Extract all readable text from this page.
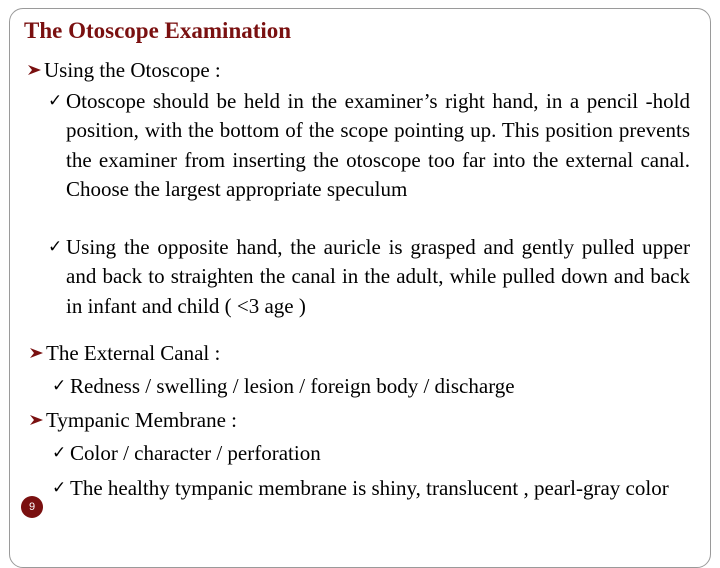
The Otoscope Examination
Using the Otoscope :
✓ Otoscope should be held in the examiner’s right hand, in a pencil -hold position, with the bottom of the scope pointing up. This position prevents the examiner from inserting the otoscope too far into the external canal. Choose the largest appropriate speculum
✓ Using the opposite hand, the auricle is grasped and gently pulled upper and back to straighten the canal in the adult, while pulled down and back in infant and child ( <3 age )
The External Canal :
✓ Redness / swelling / lesion / foreign body / discharge
Tympanic Membrane :
✓ Color / character / perforation
✓ The healthy tympanic membrane is shiny, translucent , pearl-gray color
9
